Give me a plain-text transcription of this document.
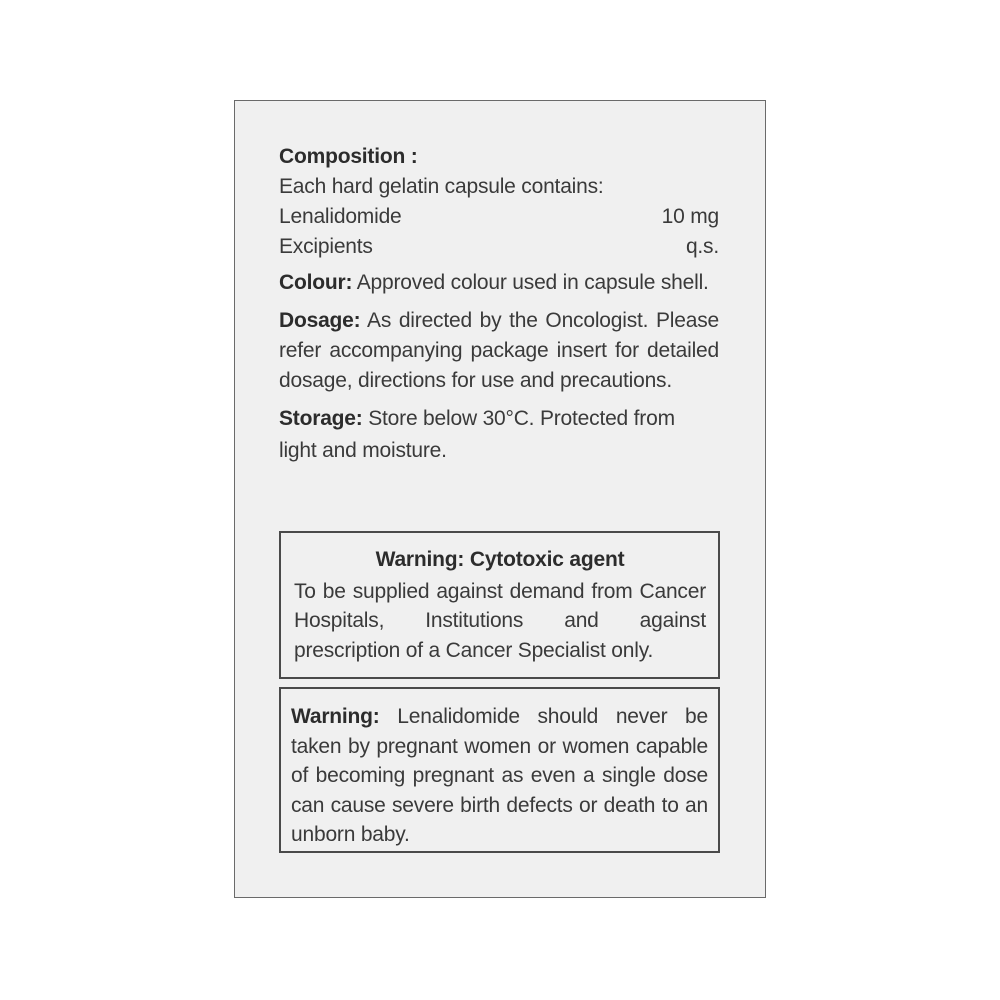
Composition :
Each hard gelatin capsule contains:
Lenalidomide	10 mg
Excipients	q.s.
Colour: Approved colour used in capsule shell.
Dosage: As directed by the Oncologist. Please refer accompanying package insert for detailed dosage, directions for use and precautions.
Storage: Store below 30°C. Protected from
light and moisture.
Warning: Cytotoxic agent
To be supplied against demand from Cancer Hospitals, Institutions and against prescription of a Cancer Specialist only.
Warning: Lenalidomide should never be taken by pregnant women or women capable of becoming pregnant as even a single dose can cause severe birth defects or death to an unborn baby.
